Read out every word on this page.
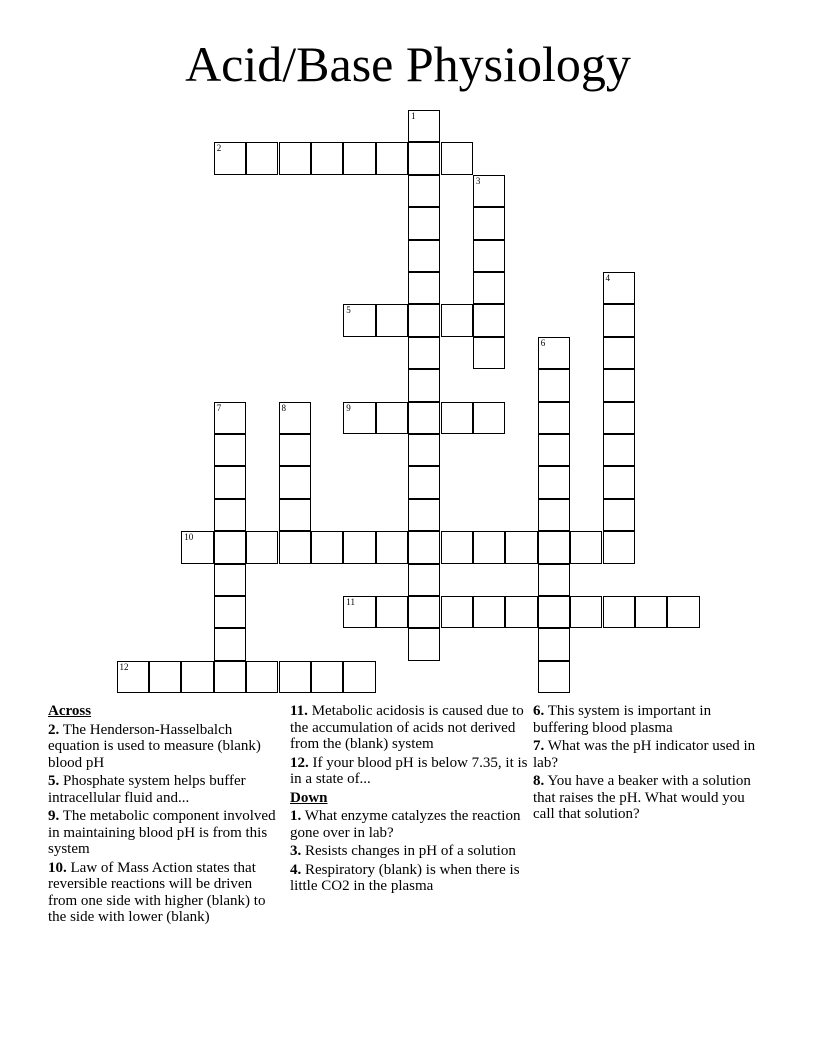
Acid/Base Physiology
1
2
3
4
5
6
7	8	9
10
11
12
Across
2. The Henderson-Hasselbalch equation is used to measure (blank) blood pH
5. Phosphate system helps buffer intracellular fluid and...
9. The metabolic component involved in maintaining blood pH is from this system
10. Law of Mass Action states that reversible reactions will be driven from one side with higher (blank) to the side with lower (blank)
11. Metabolic acidosis is caused due to the accumulation of acids not derived from the (blank) system
12. If your blood pH is below 7.35, it is in a state of...
Down
1. What enzyme catalyzes the reaction gone over in lab?
3. Resists changes in pH of a solution
4. Respiratory (blank) is when there is little CO2 in the plasma
6. This system is important in buffering blood plasma
7. What was the pH indicator used in lab?
8. You have a beaker with a solution that raises the pH. What would you call that solution?
